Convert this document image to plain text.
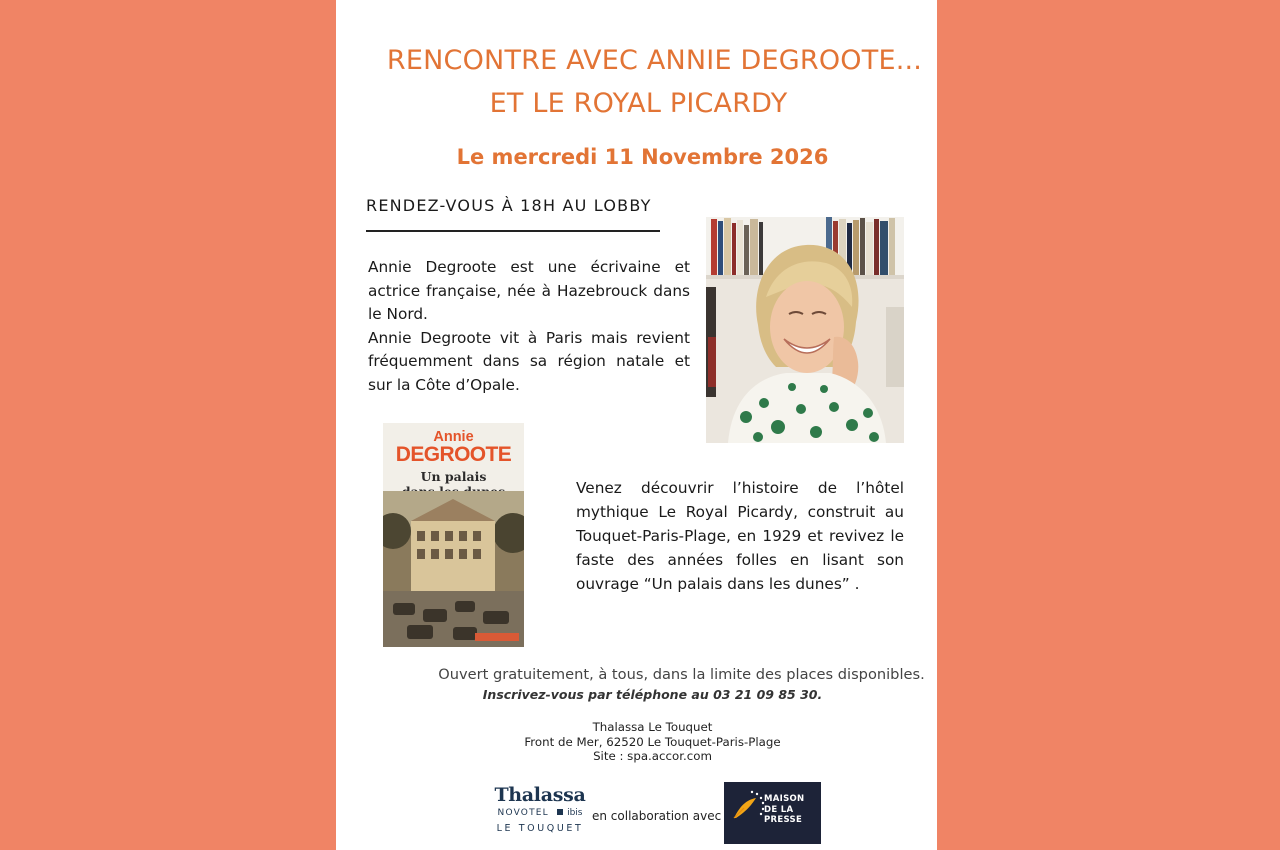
RENCONTRE AVEC ANNIE DEGROOTE...
ET LE ROYAL PICARDY
Le mercredi 11 Novembre 2026
RENDEZ-VOUS À 18H AU LOBBY

Annie Degroote est une écrivaine et actrice française, née à Hazebrouck dans le Nord.

Annie Degroote vit à Paris mais revient fréquemment dans sa région natale et sur la Côte d’Opale.

Annie
DEGROOTE
Un palais
Venez découvrir l’histoire de l’hôtel mythique Le Royal Picardy, construit au Touquet-Paris-Plage, en 1929 et revivez le faste des années folles en lisant son ouvrage “Un palais dans les dunes” .
Ouvert gratuitement, à tous, dans la limite des places disponibles.
Inscrivez-vous par téléphone au 03 21 09 85 30.
Thalassa Le Touquet
Front de Mer, 62520 Le Touquet-Paris-Plage
Site : spa.accor.com
Thalassa
NOVOTEL ibis
LE TOUQUET
en collaboration avec
MAISON
DE LA PRESSE
